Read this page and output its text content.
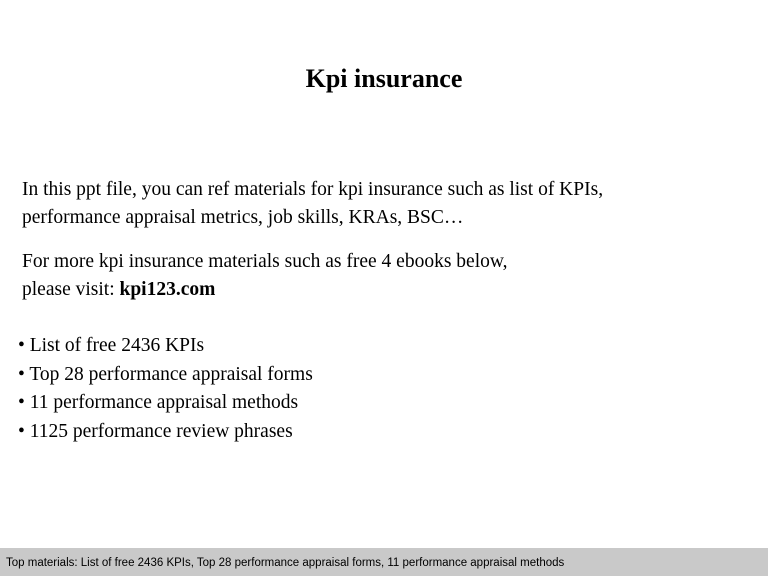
Kpi insurance
In this ppt file, you can ref materials for kpi insurance such as list of KPIs,
performance appraisal metrics, job skills, KRAs, BSC…
For more kpi insurance materials such as free 4 ebooks below,
please visit: kpi123.com
• List of free 2436 KPIs
• Top 28 performance appraisal forms
• 11 performance appraisal methods
• 1125 performance review phrases
Top materials: List of free 2436 KPIs, Top 28 performance appraisal forms, 11 performance appraisal methods
